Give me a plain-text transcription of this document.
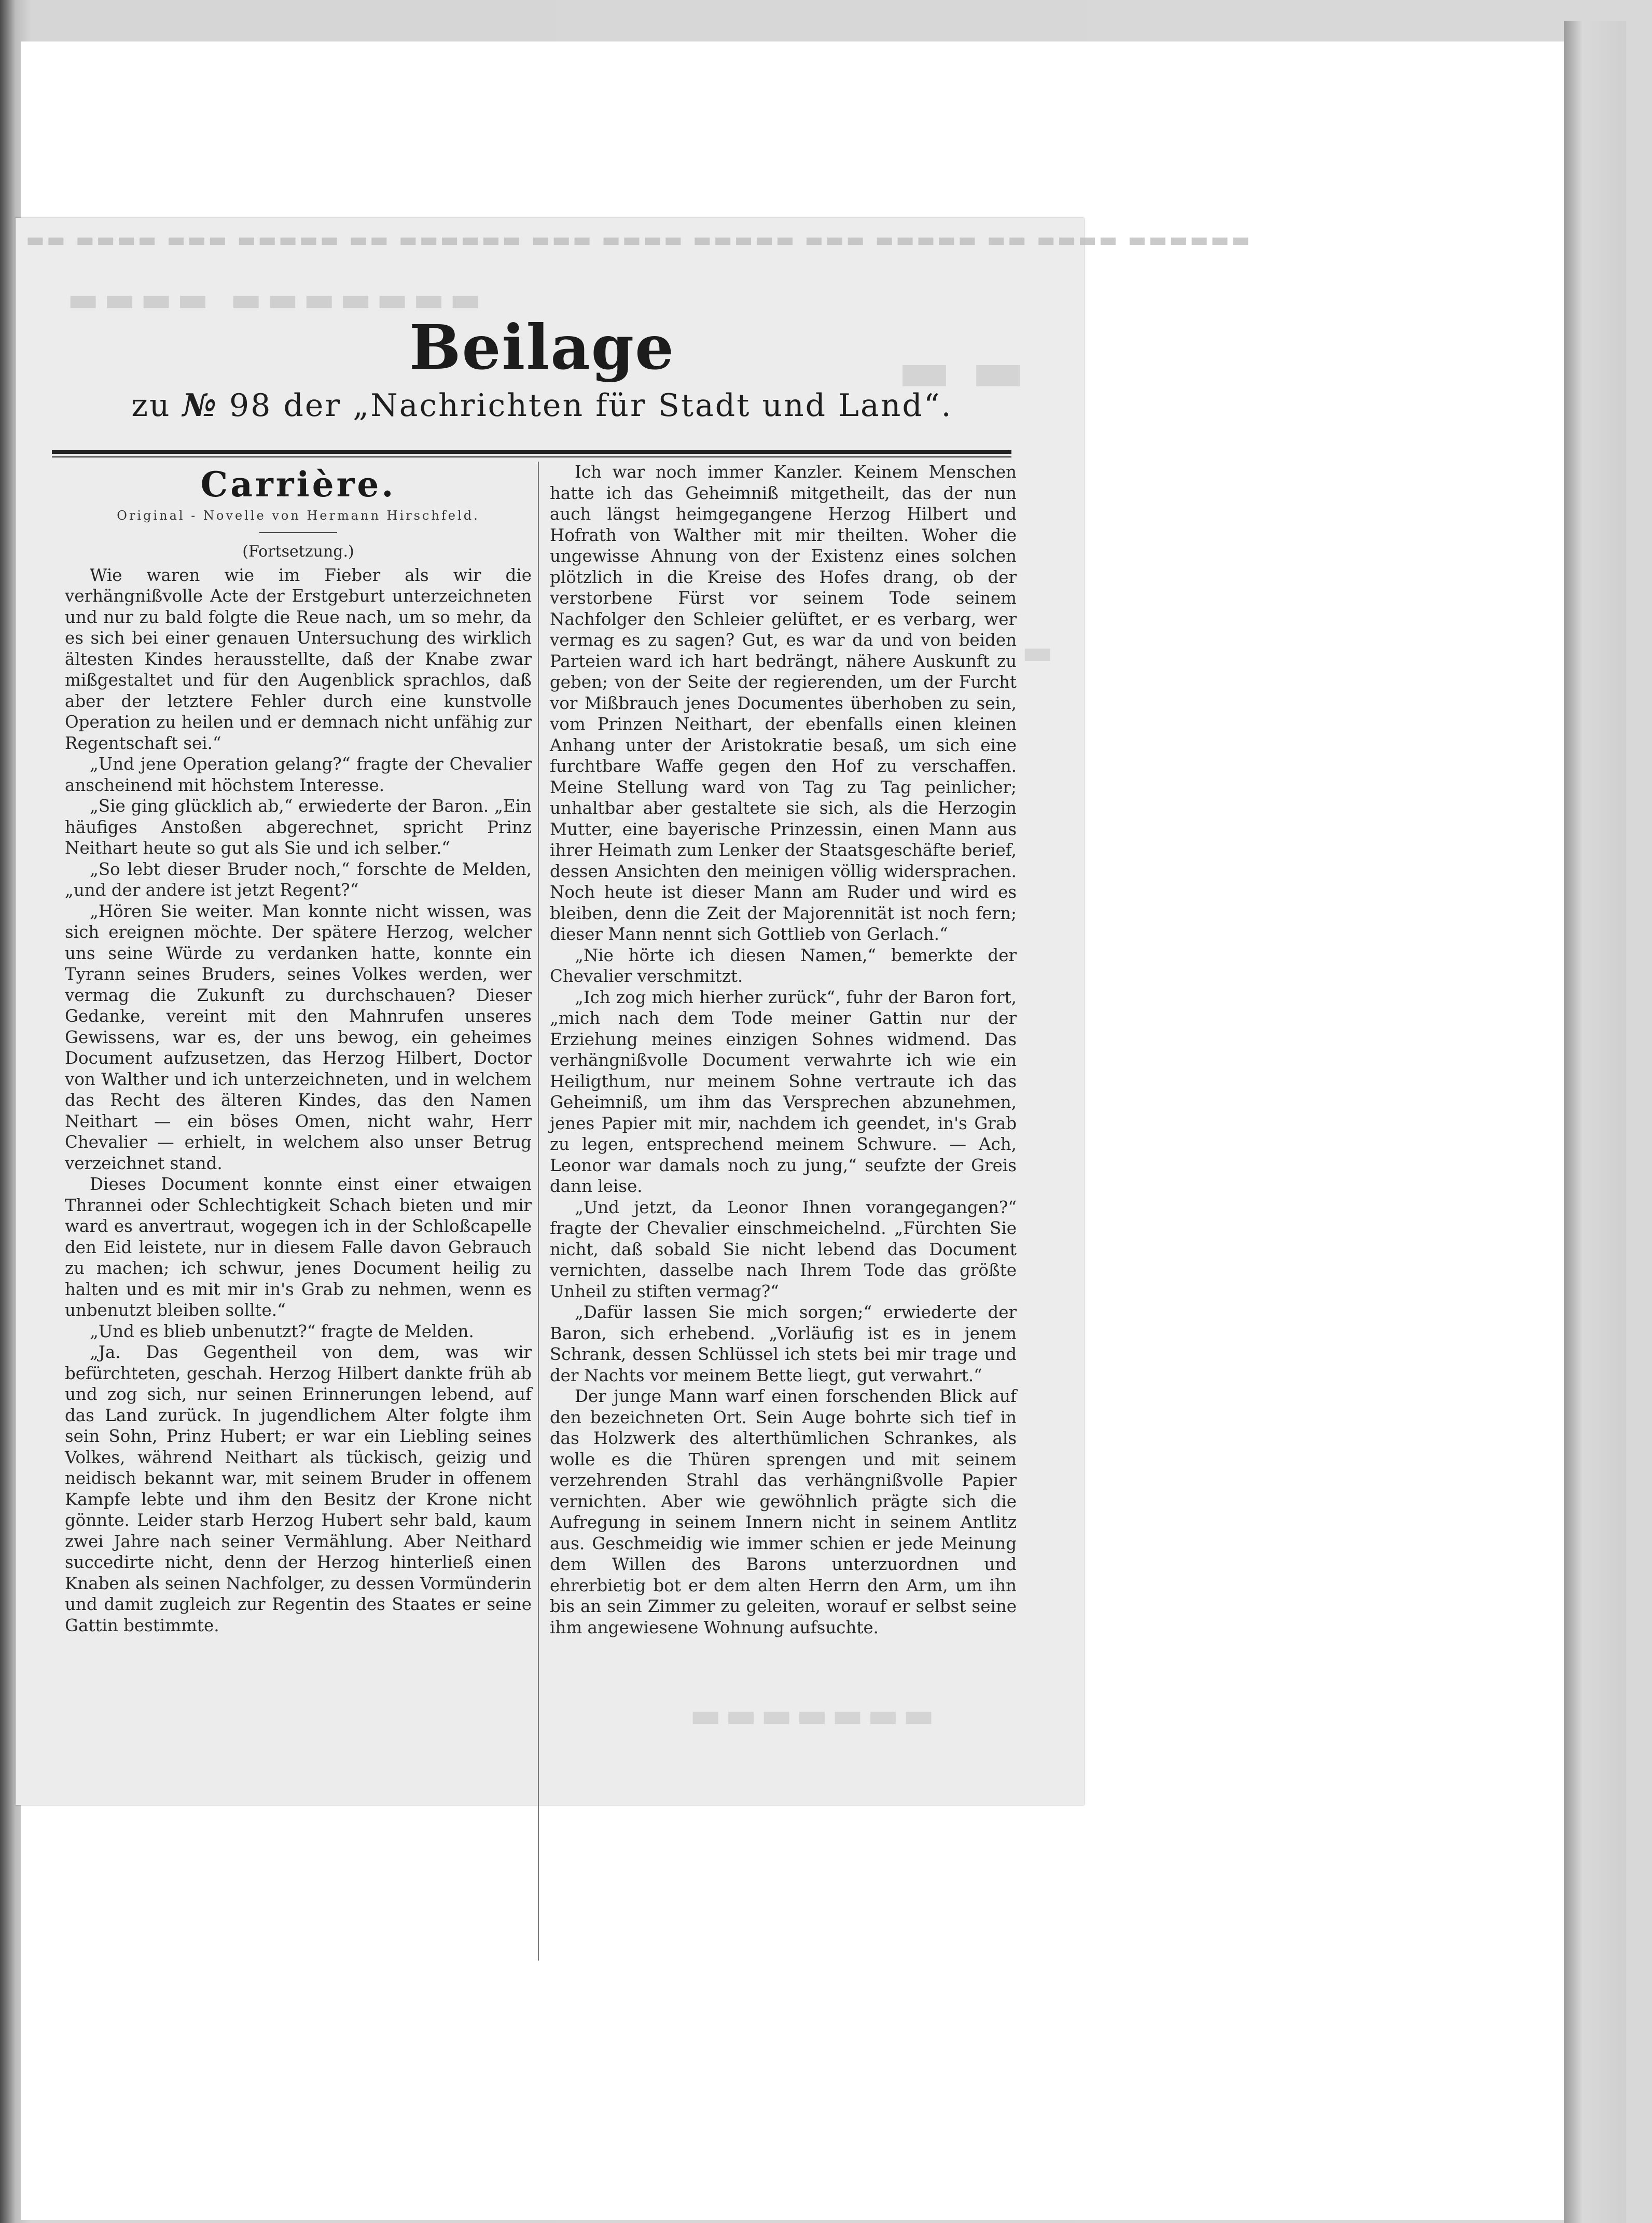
▬▬ ▬▬▬▬ ▬▬▬ ▬▬▬▬▬ ▬▬ ▬▬▬▬▬▬ ▬▬▬ ▬▬▬▬ ▬▬▬▬▬ ▬▬▬ ▬▬▬▬▬ ▬▬ ▬▬▬▬ ▬▬▬▬▬▬
▬▬▬▬ ▬▬▬▬▬▬▬
▬ ▬
▬
▬▬▬▬▬▬▬
Beilage
zu № 98 der „Nachrichten für Stadt und Land“.
Carrière.
Original - Novelle von Hermann Hirschfeld.
(Fortsetzung.)

Wie waren wie im Fieber als wir die verhängnißvolle Acte der Erstgeburt unterzeichneten und nur zu bald folgte die Reue nach, um so mehr, da es sich bei einer genauen Untersuchung des wirklich ältesten Kindes herausstellte, daß der Knabe zwar mißgestaltet und für den Augenblick sprachlos, daß aber der letztere Fehler durch eine kunstvolle Operation zu heilen und er demnach nicht unfähig zur Regentschaft sei.“

„Und jene Operation gelang?“ fragte der Chevalier anscheinend mit höchstem Interesse.

„Sie ging glücklich ab,“ erwiederte der Baron. „Ein häufiges Anstoßen abgerechnet, spricht Prinz Neithart heute so gut als Sie und ich selber.“

„So lebt dieser Bruder noch,“ forschte de Melden, „und der andere ist jetzt Regent?“

„Hören Sie weiter. Man konnte nicht wissen, was sich ereignen möchte. Der spätere Herzog, welcher uns seine Würde zu verdanken hatte, konnte ein Tyrann seines Bruders, seines Volkes werden, wer vermag die Zukunft zu durchschauen? Dieser Gedanke, vereint mit den Mahnrufen unseres Gewissens, war es, der uns bewog, ein geheimes Document aufzusetzen, das Herzog Hilbert, Doctor von Walther und ich unterzeichneten, und in welchem das Recht des älteren Kindes, das den Namen Neithart — ein böses Omen, nicht wahr, Herr Chevalier — erhielt, in welchem also unser Betrug verzeichnet stand.

Dieses Document konnte einst einer etwaigen Thrannei oder Schlechtigkeit Schach bieten und mir ward es anvertraut, wogegen ich in der Schloßcapelle den Eid leistete, nur in diesem Falle davon Gebrauch zu machen; ich schwur, jenes Document heilig zu halten und es mit mir in's Grab zu nehmen, wenn es unbenutzt bleiben sollte.“

„Und es blieb unbenutzt?“ fragte de Melden.

„Ja. Das Gegentheil von dem, was wir befürchteten, geschah. Herzog Hilbert dankte früh ab und zog sich, nur seinen Erinnerungen lebend, auf das Land zurück. In jugendlichem Alter folgte ihm sein Sohn, Prinz Hubert; er war ein Liebling seines Volkes, während Neithart als tückisch, geizig und neidisch bekannt war, mit seinem Bruder in offenem Kampfe lebte und ihm den Besitz der Krone nicht gönnte. Leider starb Herzog Hubert sehr bald, kaum zwei Jahre nach seiner Vermählung. Aber Neithard succedirte nicht, denn der Herzog hinterließ einen Knaben als seinen Nachfolger, zu dessen Vormünderin und damit zugleich zur Regentin des Staates er seine Gattin bestimmte.

Ich war noch immer Kanzler. Keinem Menschen hatte ich das Geheimniß mitgetheilt, das der nun auch längst heimgegangene Herzog Hilbert und Hofrath von Walther mit mir theilten. Woher die ungewisse Ahnung von der Existenz eines solchen plötzlich in die Kreise des Hofes drang, ob der verstorbene Fürst vor seinem Tode seinem Nachfolger den Schleier gelüftet, er es verbarg, wer vermag es zu sagen? Gut, es war da und von beiden Parteien ward ich hart bedrängt, nähere Auskunft zu geben; von der Seite der regierenden, um der Furcht vor Mißbrauch jenes Documentes überhoben zu sein, vom Prinzen Neithart, der ebenfalls einen kleinen Anhang unter der Aristokratie besaß, um sich eine furchtbare Waffe gegen den Hof zu verschaffen. Meine Stellung ward von Tag zu Tag peinlicher; unhaltbar aber gestaltete sie sich, als die Herzogin Mutter, eine bayerische Prinzessin, einen Mann aus ihrer Heimath zum Lenker der Staatsgeschäfte berief, dessen Ansichten den meinigen völlig widersprachen. Noch heute ist dieser Mann am Ruder und wird es bleiben, denn die Zeit der Majorennität ist noch fern; dieser Mann nennt sich Gottlieb von Gerlach.“

„Nie hörte ich diesen Namen,“ bemerkte der Chevalier verschmitzt.

„Ich zog mich hierher zurück“, fuhr der Baron fort, „mich nach dem Tode meiner Gattin nur der Erziehung meines einzigen Sohnes widmend. Das verhängnißvolle Document verwahrte ich wie ein Heiligthum, nur meinem Sohne vertraute ich das Geheimniß, um ihm das Versprechen abzunehmen, jenes Papier mit mir, nachdem ich geendet, in's Grab zu legen, entsprechend meinem Schwure. — Ach, Leonor war damals noch zu jung,“ seufzte der Greis dann leise.

„Und jetzt, da Leonor Ihnen vorangegangen?“ fragte der Chevalier einschmeichelnd. „Fürchten Sie nicht, daß sobald Sie nicht lebend das Document vernichten, dasselbe nach Ihrem Tode das größte Unheil zu stiften vermag?“

„Dafür lassen Sie mich sorgen;“ erwiederte der Baron, sich erhebend. „Vorläufig ist es in jenem Schrank, dessen Schlüssel ich stets bei mir trage und der Nachts vor meinem Bette liegt, gut verwahrt.“

Der junge Mann warf einen forschenden Blick auf den bezeichneten Ort. Sein Auge bohrte sich tief in das Holzwerk des alterthümlichen Schrankes, als wolle es die Thüren sprengen und mit seinem verzehrenden Strahl das verhängnißvolle Papier vernichten. Aber wie gewöhnlich prägte sich die Aufregung in seinem Innern nicht in seinem Antlitz aus. Geschmeidig wie immer schien er jede Meinung dem Willen des Barons unterzuordnen und ehrerbietig bot er dem alten Herrn den Arm, um ihn bis an sein Zimmer zu geleiten, worauf er selbst seine ihm angewiesene Wohnung aufsuchte.
